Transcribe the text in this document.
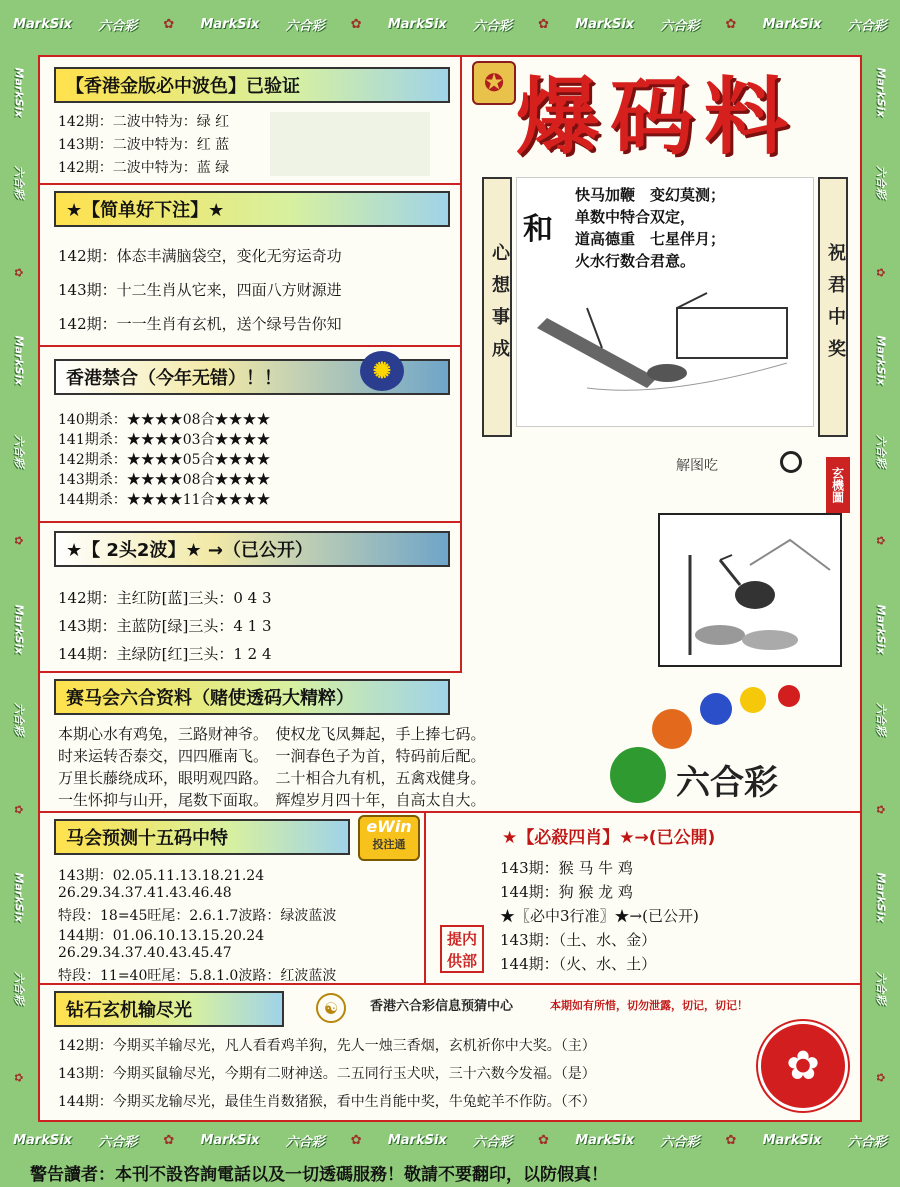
MarkSix 六合彩 ✿ MarkSix 六合彩 ✿ MarkSix 六合彩 ✿ MarkSix 六合彩 ✿ MarkSix 六合彩
MarkSix 六合彩 ✿ MarkSix 六合彩 ✿ MarkSix 六合彩 ✿ MarkSix 六合彩 ✿ MarkSix 六合彩
MarkSix
六合彩
✿
MarkSix
六合彩
✿
MarkSix
六合彩
✿
MarkSix
六合彩
✿
MarkSix
六合彩
✿
MarkSix
六合彩
✿
MarkSix
六合彩
✿
MarkSix
六合彩
✿
【香港金版必中波色】已验证
142期：二波中特为：绿 红
143期：二波中特为：红 蓝
142期：二波中特为：蓝 绿
★【简单好下注】★
142期：体态丰满脑袋空，变化无穷运奇功
143期：十二生肖从它来，四面八方财源进
142期：一一生肖有玄机，送个绿号告你知
香港禁合（今年无错）！！	✺
140期杀：★★★★08合★★★★
141期杀：★★★★03合★★★★
142期杀：★★★★05合★★★★
143期杀：★★★★08合★★★★
144期杀：★★★★11合★★★★
★【 2头2波】★ →（已公开）
142期：主红防[蓝]三头：0 4 3
143期：主蓝防[绿]三头：4 1 3
144期：主绿防[红]三头：1 2 4
✪ 爆码料
心想事成	祝君中奖
和
快马加鞭　变幻莫测；
单数中特合双定，
道高德重　七星伴月；
火水行数合君意。
解图吃
玄機圖
赛马会六合资料（赌使透码大精粹）
本期心水有鸡兔，三路财神爷。　使权龙飞凤舞起，手上捧七码。
时来运转否泰交，四四雁南飞。　一涧春色子为首，特码前后配。
万里长藤绕成环，眼明观四路。　二十相合九有机，五禽戏健身。
一生怀抑与山开，尾数下面取。　辉煌岁月四十年，自高太自大。	六合彩
马会预测十五码中特
eWin
投注通
143期：02.05.11.13.18.21.24
26.29.34.37.41.43.46.48
特段：18=45旺尾：2.6.1.7波路：绿波蓝波
144期：01.06.10.13.15.20.24
26.29.34.37.40.43.45.47
特段：11=40旺尾：5.8.1.0波路：红波蓝波
★【必殺四肖】★→(已公開)
143期：猴 马 牛 鸡
144期：狗 猴 龙 鸡
★〖必中3行准〗★→(已公开)
143期：（土、水、金）
144期：（火、水、土）
提内供部
钻石玄机输尽光	☯	香港六合彩信息预猜中心	本期如有所惜，切勿泄露，切记，切记！
142期：今期买羊输尽光，凡人看看鸡羊狗，先人一烛三香烟，玄机祈你中大奖。（主）
143期：今期买鼠输尽光，今期有二财神送。二五同行玉犬吠，三十六数今发福。（是）
144期：今期买龙输尽光，最佳生肖数猪猴，看中生肖能中奖，牛兔蛇羊不作防。（不）
✿
警告讀者：本刊不設咨詢電話以及一切透碼服務！敬請不要翻印，以防假真！
